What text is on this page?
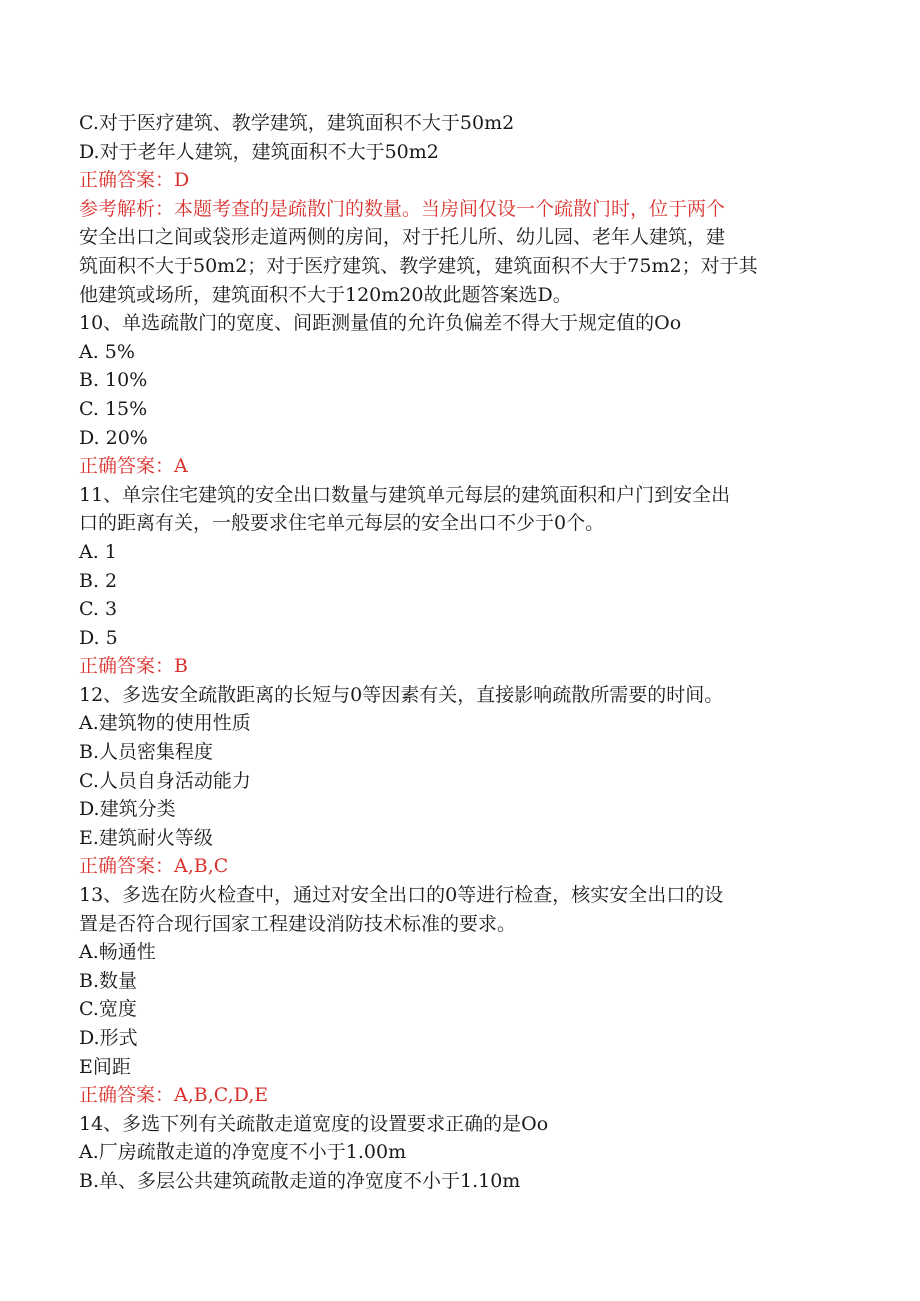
C.对于医疗建筑、教学建筑，建筑面积不大于50m2
D.对于老年人建筑，建筑面积不大于50m2
正确答案：D
参考解析：本题考查的是疏散门的数量。当房间仅设一个疏散门时，位于两个
安全出口之间或袋形走道两侧的房间，对于托儿所、幼儿园、老年人建筑，建
筑面积不大于50m2；对于医疗建筑、教学建筑，建筑面积不大于75m2；对于其
他建筑或场所，建筑面积不大于120m20故此题答案选D。
10、单选疏散门的宽度、间距测量值的允许负偏差不得大于规定值的Oo
A. 5%
B. 10%
C. 15%
D. 20%
正确答案：A
11、单宗住宅建筑的安全出口数量与建筑单元每层的建筑面积和户门到安全出
口的距离有关，一般要求住宅单元每层的安全出口不少于0个。
A. 1
B. 2
C. 3
D. 5
正确答案：B
12、多选安全疏散距离的长短与0等因素有关，直接影响疏散所需要的时间。
A.建筑物的使用性质
B.人员密集程度
C.人员自身活动能力
D.建筑分类
E.建筑耐火等级
正确答案：A,B,C
13、多选在防火检查中，通过对安全出口的0等进行检查，核实安全出口的设
置是否符合现行国家工程建设消防技术标准的要求。
A.畅通性
B.数量
C.宽度
D.形式
E间距
正确答案：A,B,C,D,E
14、多选下列有关疏散走道宽度的设置要求正确的是Oo
A.厂房疏散走道的净宽度不小于1.00m
B.单、多层公共建筑疏散走道的净宽度不小于1.10m
